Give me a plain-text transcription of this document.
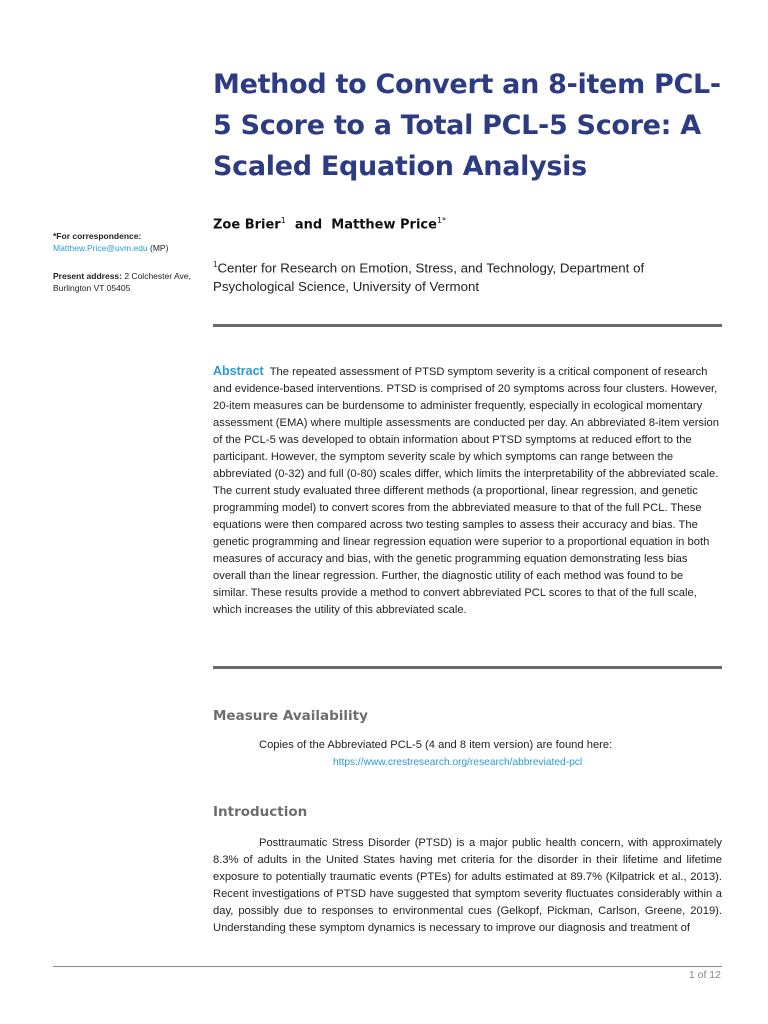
Method to Convert an 8-item PCL-5 Score to a Total PCL-5 Score: A Scaled Equation Analysis
Zoe Brier$^1$ and Matthew Price$^{1*}$
$^1$Center for Research on Emotion, Stress, and Technology, Department of Psychological Science, University of Vermont
*For correspondence:
Matthew.Price@uvm.edu (MP)
Present address: 2 Colchester Ave, Burlington VT 05405

Abstract The repeated assessment of PTSD symptom severity is a critical component of research and evidence-based interventions. PTSD is comprised of 20 symptoms across four clusters. However, 20-item measures can be burdensome to administer frequently, especially in ecological momentary assessment (EMA) where multiple assessments are conducted per day. An abbreviated 8-item version of the PCL-5 was developed to obtain information about PTSD symptoms at reduced effort to the participant. However, the symptom severity scale by which symptoms can range between the abbreviated (0-32) and full (0-80) scales differ, which limits the interpretability of the abbreviated scale. The current study evaluated three different methods (a proportional, linear regression, and genetic programming model) to convert scores from the abbreviated measure to that of the full PCL. These equations were then compared across two testing samples to assess their accuracy and bias. The genetic programming and linear regression equation were superior to a proportional equation in both measures of accuracy and bias, with the genetic programming equation demonstrating less bias overall than the linear regression. Further, the diagnostic utility of each method was found to be similar. These results provide a method to convert abbreviated PCL scores to that of the full scale, which increases the utility of this abbreviated scale.

Measure Availability
Copies of the Abbreviated PCL-5 (4 and 8 item version) are found here:
https://www.crestresearch.org/research/abbreviated-pcl
Introduction

Posttraumatic Stress Disorder (PTSD) is a major public health concern, with approximately 8.3% of adults in the United States having met criteria for the disorder in their lifetime and lifetime exposure to potentially traumatic events (PTEs) for adults estimated at 89.7% (Kilpatrick et al., 2013). Recent investigations of PTSD have suggested that symptom severity fluctuates considerably within a day, possibly due to responses to environmental cues (Gelkopf, Pickman, Carlson, Greene, 2019). Understanding these symptom dynamics is necessary to improve our diagnosis and treatment of

1 of 12
